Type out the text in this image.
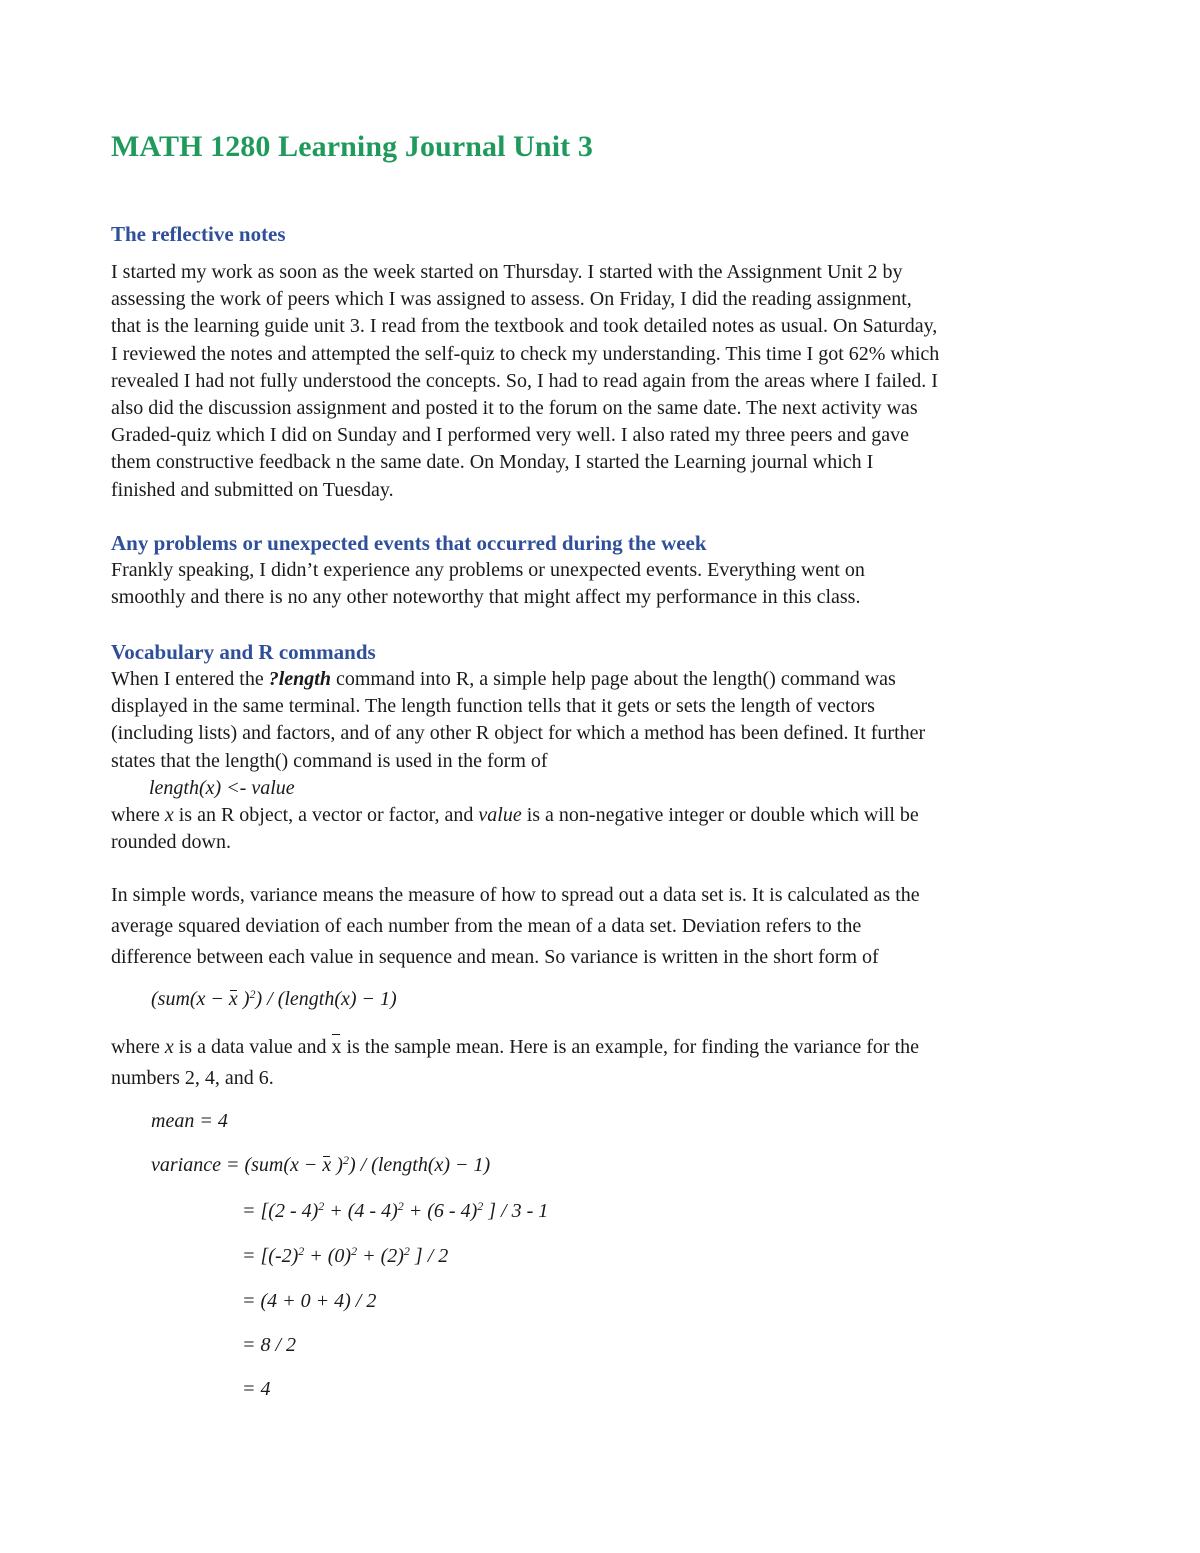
MATH 1280 Learning Journal Unit 3
The reflective notes

I started my work as soon as the week started on Thursday. I started with the Assignment Unit 2 by
assessing the work of peers which I was assigned to assess. On Friday, I did the reading assignment,
that is the learning guide unit 3. I read from the textbook and took detailed notes as usual. On Saturday,
I reviewed the notes and attempted the self-quiz to check my understanding. This time I got 62% which
revealed I had not fully understood the concepts. So, I had to read again from the areas where I failed. I
also did the discussion assignment and posted it to the forum on the same date. The next activity was
Graded-quiz which I did on Sunday and I performed very well. I also rated my three peers and gave
them constructive feedback n the same date. On Monday, I started the Learning journal which I
finished and submitted on Tuesday.

Any problems or unexpected events that occurred during the week

Frankly speaking, I didn’t experience any problems or unexpected events. Everything went on
smoothly and there is no any other noteworthy that might affect my performance in this class.

Vocabulary and R commands

When I entered the ?length command into R, a simple help page about the length() command was
displayed in the same terminal. The length function tells that it gets or sets the length of vectors
(including lists) and factors, and of any other R object for which a method has been defined. It further
states that the length() command is used in the form of
length(x) <- value
where x is an R object, a vector or factor, and value is a non-negative integer or double which will be
rounded down.

In simple words, variance means the measure of how to spread out a data set is. It is calculated as the
average squared deviation of each number from the mean of a data set. Deviation refers to the
difference between each value in sequence and mean. So variance is written in the short form of

(sum(x − x )$^2$) / (length(x) − 1)

where x is a data value and x is the sample mean. Here is an example, for finding the variance for the
numbers 2, 4, and 6.

mean = 4

variance = (sum(x − x )$^2$) / (length(x) − 1)

= [(2 - 4)$^2$ + (4 - 4)$^2$ + (6 - 4)$^2$ ] / 3 - 1

= [$(-2)^2 + (0)^2 + (2)^2$ ] / 2

= (4 + 0 + 4) / 2

= 8 / 2

= 4
